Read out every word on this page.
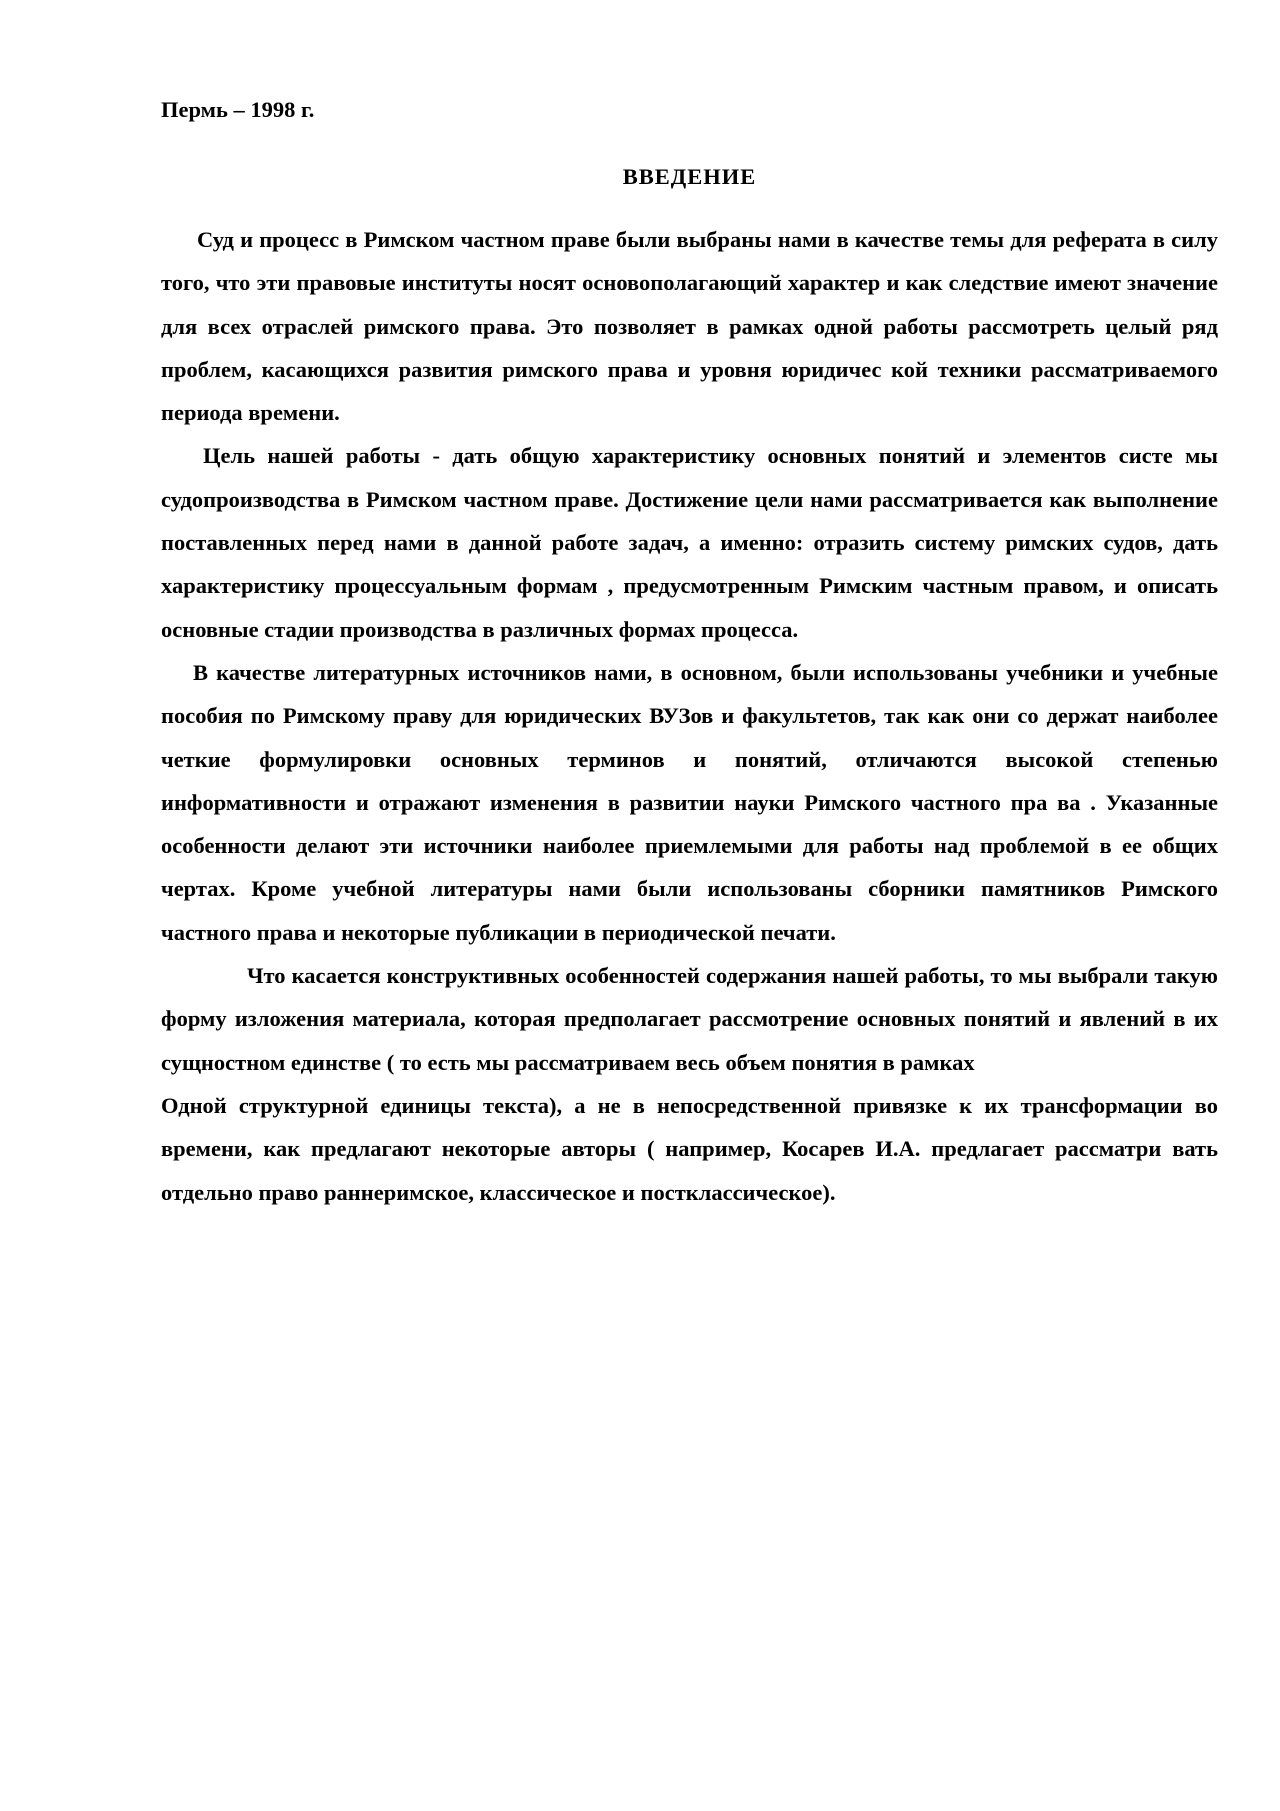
Пермь – 1998 г.

ВВЕДЕНИЕ

Суд и процесс в Римском частном праве были выбраны нами в качестве темы для реферата в силу того, что эти правовые институты носят основополагающий характер и как следствие имеют значение для всех отраслей римского права. Это позволяет в рамках одной работы рассмотреть целый ряд проблем, касающихся развития римского права и уровня юридичес кой техники рассматриваемого периода времени.

Цель нашей работы - дать общую характеристику основных понятий и элементов систе мы судопроизводства в Римском частном праве. Достижение цели нами рассматривается как выполнение поставленных перед нами в данной работе задач, а именно: отразить систему римских судов, дать характеристику процессуальным формам , предусмотренным Римским частным правом, и описать основные стадии производства в различных формах процесса.

В качестве литературных источников нами, в основном, были использованы учебники и учебные пособия по Римскому праву для юридических ВУЗов и факультетов, так как они со держат наиболее четкие формулировки основных терминов и понятий, отличаются высокой степенью информативности и отражают изменения в развитии науки Римского частного пра ва . Указанные особенности делают эти источники наиболее приемлемыми для работы над проблемой в ее общих чертах. Кроме учебной литературы нами были использованы сборники памятников Римского частного права и некоторые публикации в периодической печати.

Что касается конструктивных особенностей содержания нашей работы, то мы выбрали такую форму изложения материала, которая предполагает рассмотрение основных понятий и явлений в их сущностном единстве ( то есть мы рассматриваем весь объем понятия в рамках

Одной структурной единицы текста), а не в непосредственной привязке к их трансформации во времени, как предлагают некоторые авторы ( например, Косарев И.А. предлагает рассматри вать отдельно право раннеримское, классическое и постклассическое).
